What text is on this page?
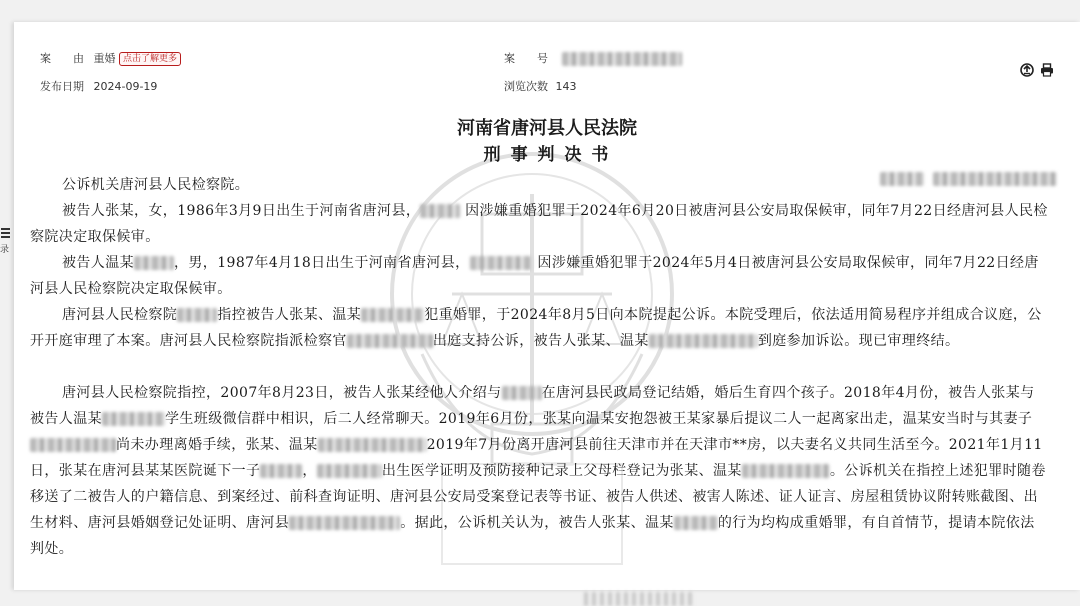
录
案　　由 重婚 点击了解更多	案　　号
发布日期 2024-09-19	浏览次数 143
河南省唐河县人民法院
刑 事 判 决 书

公诉机关唐河县人民检察院。

被告人张某，女，1986年3月9日出生于河南省唐河县，	因涉嫌重婚犯罪于2024年6月20日被唐河县公安局取保候审，同年7月22日经唐河县人民检察院决定取保候审。

被告人温某	，男，1987年4月18日出生于河南省唐河县，	因涉嫌重婚犯罪于2024年5月4日被唐河县公安局取保候审，同年7月22日经唐河县人民检察院决定取保候审。

唐河县人民检察院	指控被告人张某、温某	犯重婚罪，于2024年8月5日向本院提起公诉。本院受理后，依法适用简易程序并组成合议庭，公开开庭审理了本案。唐河县人民检察院指派检察官	出庭支持公诉，被告人张某、温某	到庭参加诉讼。现已审理终结。

唐河县人民检察院指控，2007年8月23日，被告人张某经他人介绍与	在唐河县民政局登记结婚，婚后生育四个孩子。2018年4月份，被告人张某与被告人温某	学生班级微信群中相识，后二人经常聊天。2019年6月份，张某向温某安抱怨被王某家暴后提议二人一起离家出走，温某安当时与其妻子尚未办理离婚手续，张某、温某	2019年7月份离开唐河县前往天津市并在天津市**房，以夫妻名义共同生活至今。2021年1月11日，张某在唐河县某某医院诞下一子	，	出生医学证明及预防接种记录上父母栏登记为张某、温某	。公诉机关在指控上述犯罪时随卷移送了二被告人的户籍信息、到案经过、前科查询证明、唐河县公安局受案登记表等书证、被告人供述、被害人陈述、证人证言、房屋租赁协议附转账截图、出生材料、唐河县婚姻登记处证明、唐河县	。据此，公诉机关认为，被告人张某、温某	的行为均构成重婚罪，有自首情节，提请本院依法判处。
